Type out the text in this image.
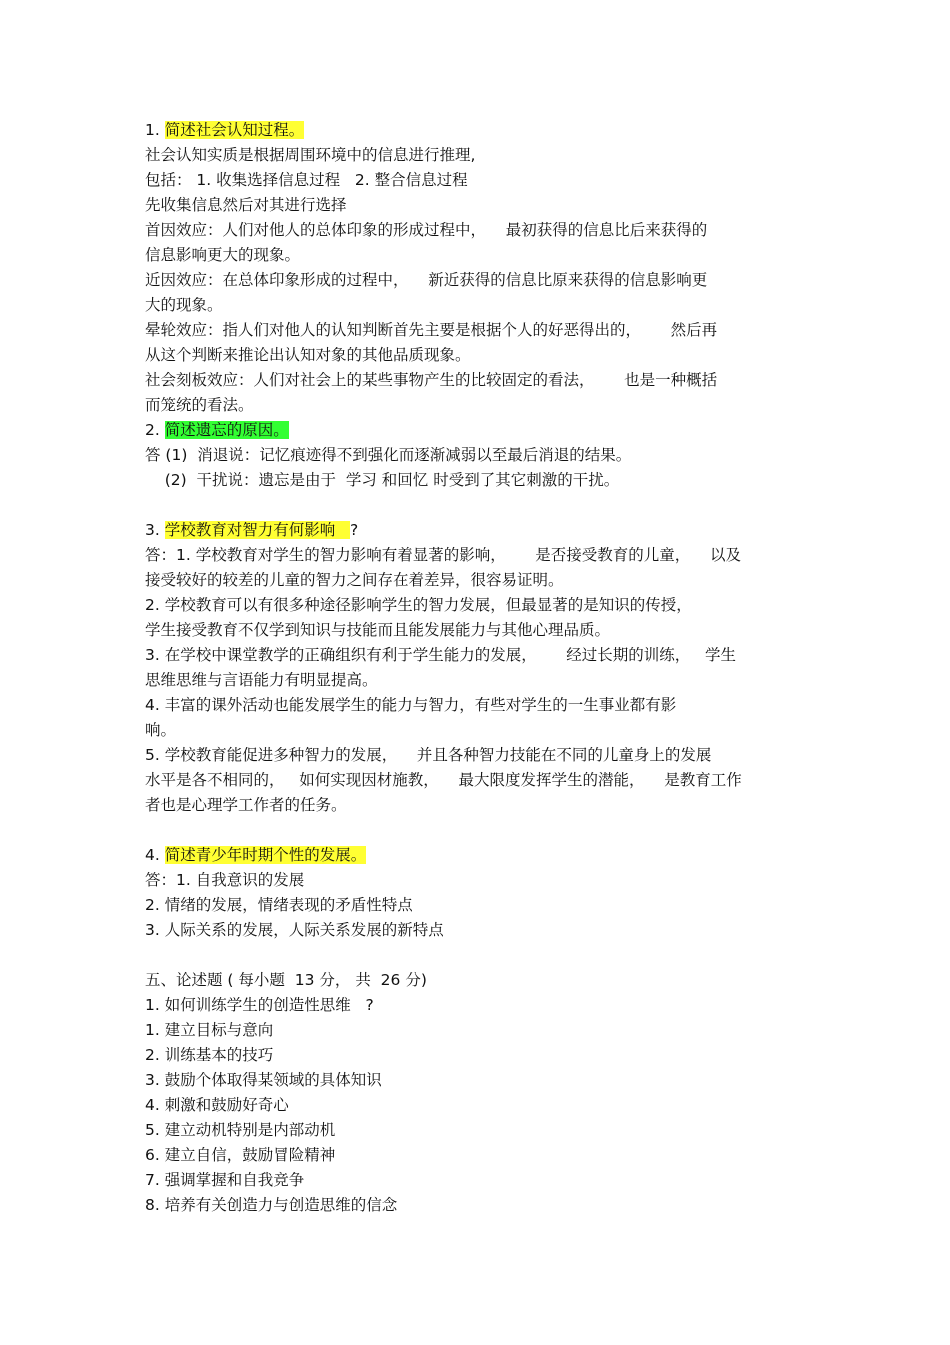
1. 简述社会认知过程。

社会认知实质是根据周围环境中的信息进行推理,

包括： 1. 收集选择信息过程   2. 整合信息过程

先收集信息然后对其进行选择

首因效应：人们对他人的总体印象的形成过程中，    最初获得的信息比后来获得的

信息影响更大的现象。

近因效应：在总体印象形成的过程中，    新近获得的信息比原来获得的信息影响更

大的现象。

晕轮效应：指人们对他人的认知判断首先主要是根据个人的好恶得出的，      然后再

从这个判断来推论出认知对象的其他品质现象。

社会刻板效应：人们对社会上的某些事物产生的比较固定的看法，      也是一种概括

而笼统的看法。

2. 简述遗忘的原因。

答 (1)  消退说：记忆痕迹得不到强化而逐渐减弱以至最后消退的结果。

(2)  干扰说：遗忘是由于  学习 和回忆 时受到了其它刺激的干扰。

3. 学校教育对智力有何影响   ?

答：1. 学校教育对学生的智力影响有着显著的影响，      是否接受教育的儿童，    以及

接受较好的较差的儿童的智力之间存在着差异，很容易证明。

2. 学校教育可以有很多种途径影响学生的智力发展，但最显著的是知识的传授，

学生接受教育不仅学到知识与技能而且能发展能力与其他心理品质。

3. 在学校中课堂教学的正确组织有利于学生能力的发展，      经过长期的训练，   学生

思维思维与言语能力有明显提高。

4. 丰富的课外活动也能发展学生的能力与智力，有些对学生的一生事业都有影

响。

5. 学校教育能促进多种智力的发展，    并且各种智力技能在不同的儿童身上的发展

水平是各不相同的，   如何实现因材施教，    最大限度发挥学生的潜能，    是教育工作

者也是心理学工作者的任务。

4. 简述青少年时期个性的发展。

答：1. 自我意识的发展

2. 情绪的发展，情绪表现的矛盾性特点

3. 人际关系的发展，人际关系发展的新特点

五、论述题 ( 每小题  13 分， 共  26 分)

1. 如何训练学生的创造性思维   ?

1. 建立目标与意向

2. 训练基本的技巧

3. 鼓励个体取得某领域的具体知识

4. 刺激和鼓励好奇心

5. 建立动机特别是内部动机

6. 建立自信，鼓励冒险精神

7. 强调掌握和自我竞争

8. 培养有关创造力与创造思维的信念
